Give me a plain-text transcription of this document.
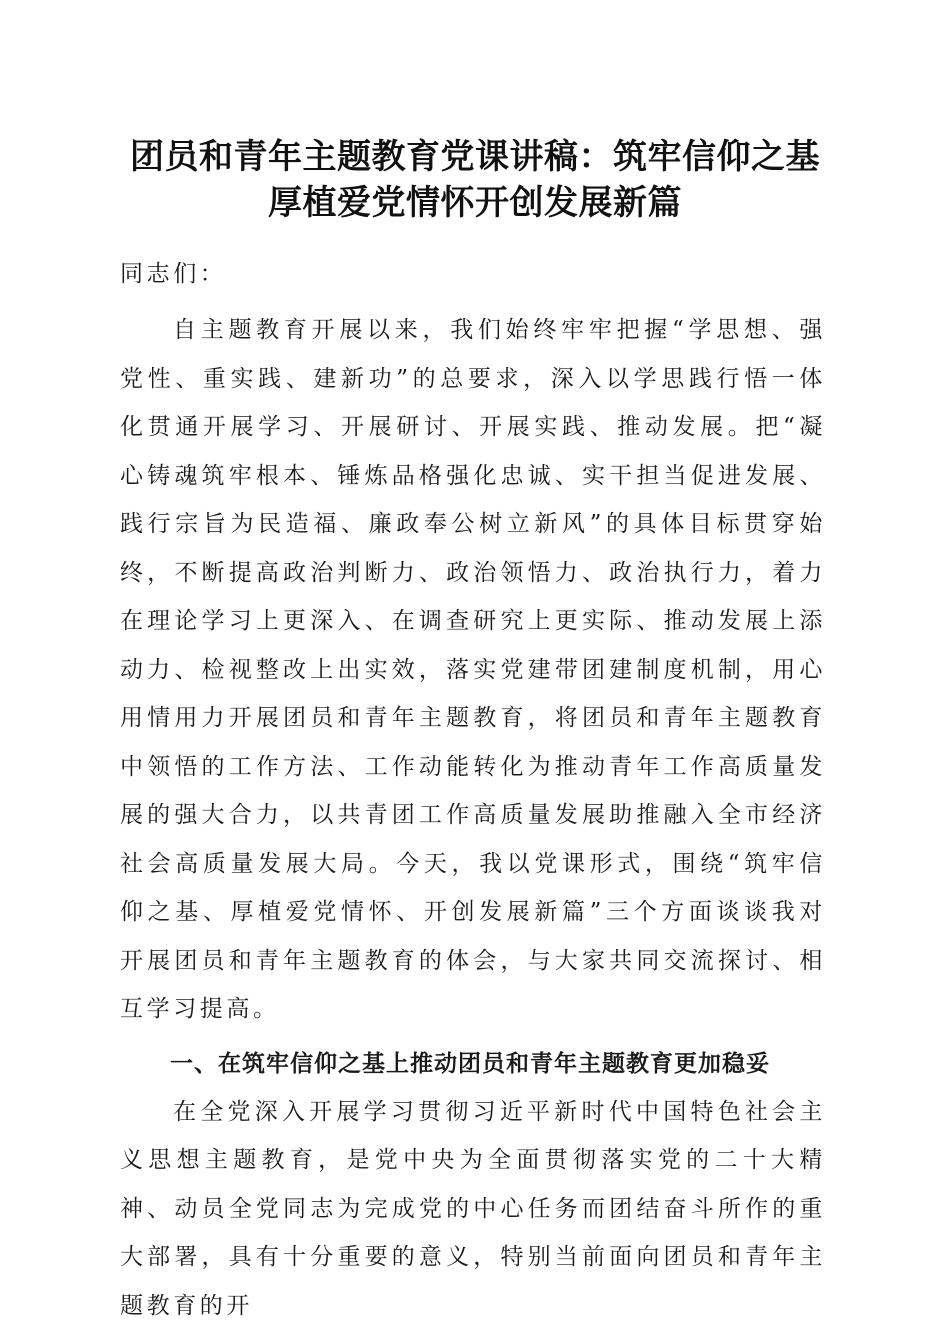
团员和青年主题教育党课讲稿：筑牢信仰之基
厚植爱党情怀开创发展新篇

同志们：

自主题教育开展以来，我们始终牢牢把握“学思想、强党性、重实践、建新功”的总要求，深入以学思践行悟一体化贯通开展学习、开展研讨、开展实践、推动发展。把“凝心铸魂筑牢根本、锤炼品格强化忠诚、实干担当促进发展、践行宗旨为民造福、廉政奉公树立新风”的具体目标贯穿始终，不断提高政治判断力、政治领悟力、政治执行力，着力在理论学习上更深入、在调查研究上更实际、推动发展上添动力、检视整改上出实效，落实党建带团建制度机制，用心用情用力开展团员和青年主题教育，将团员和青年主题教育中领悟的工作方法、工作动能转化为推动青年工作高质量发展的强大合力，以共青团工作高质量发展助推融入全市经济社会高质量发展大局。今天，我以党课形式，围绕“筑牢信仰之基、厚植爱党情怀、开创发展新篇”三个方面谈谈我对开展团员和青年主题教育的体会，与大家共同交流探讨、相互学习提高。

一、在筑牢信仰之基上推动团员和青年主题教育更加稳妥

在全党深入开展学习贯彻习近平新时代中国特色社会主义思想主题教育，是党中央为全面贯彻落实党的二十大精神、动员全党同志为完成党的中心任务而团结奋斗所作的重大部署，具有十分重要的意义，特别当前面向团员和青年主题教育的开
